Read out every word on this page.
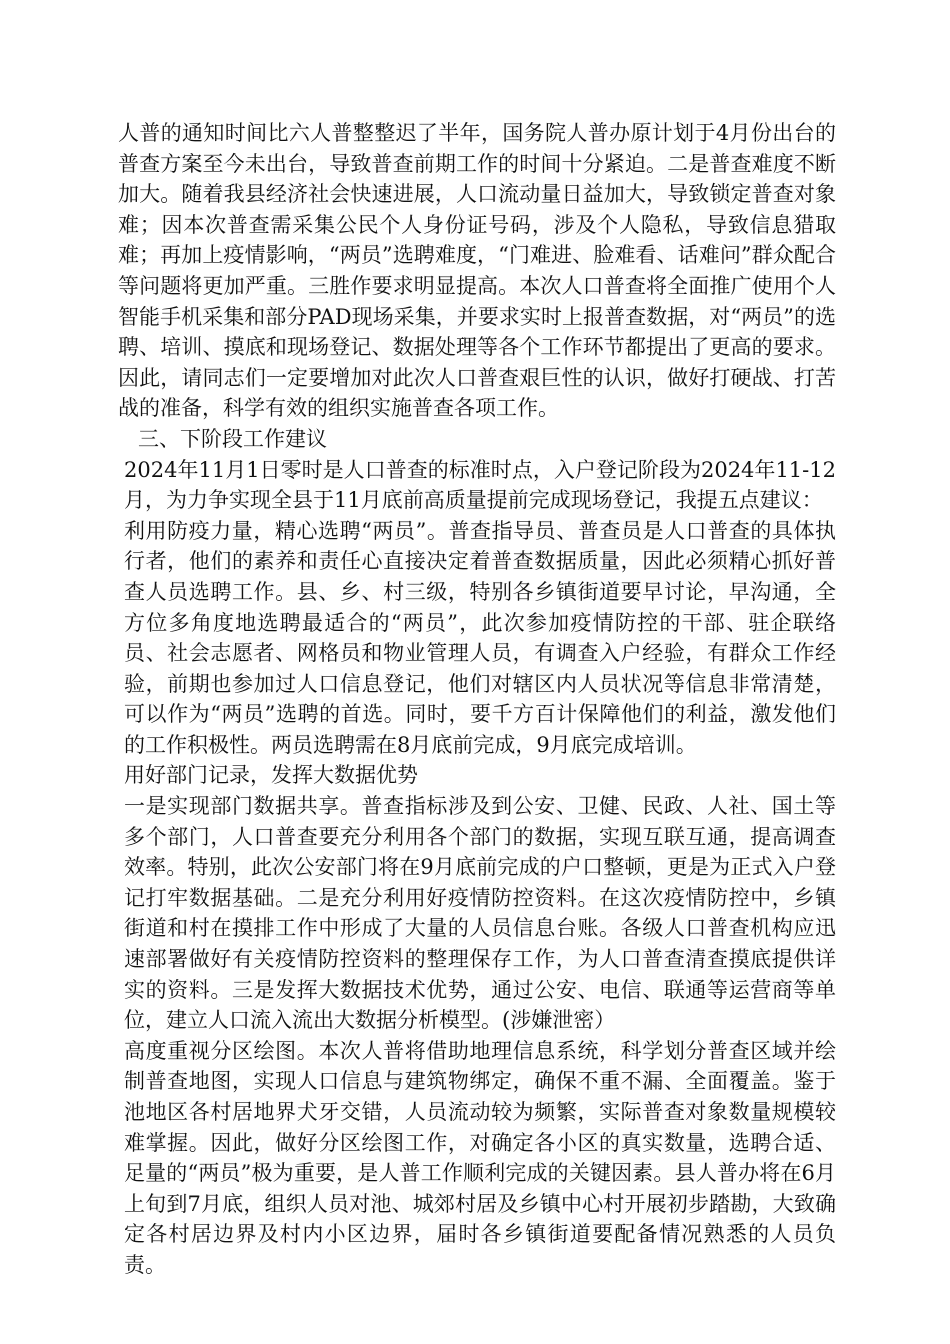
人普的通知时间比六人普整整迟了半年，国务院人普办原计划于4月份出台的普查方案至今未出台，导致普查前期工作的时间十分紧迫。二是普查难度不断加大。随着我县经济社会快速进展，人口流动量日益加大，导致锁定普查对象难；因本次普查需采集公民个人身份证号码，涉及个人隐私，导致信息猎取难；再加上疫情影响，“两员”选聘难度，“门难进、脸难看、话难问”群众配合等问题将更加严重。三胜作要求明显提高。本次人口普查将全面推广使用个人智能手机采集和部分PAD现场采集，并要求实时上报普查数据，对“两员”的选聘、培训、摸底和现场登记、数据处理等各个工作环节都提出了更高的要求。因此，请同志们一定要增加对此次人口普查艰巨性的认识，做好打硬战、打苦战的准备，科学有效的组织实施普查各项工作。

三、下阶段工作建议

2024年11月1日零时是人口普查的标准时点，入户登记阶段为2024年11-12月，为力争实现全县于11月底前高质量提前完成现场登记，我提五点建议：

利用防疫力量，精心选聘“两员”。普查指导员、普查员是人口普查的具体执行者，他们的素养和责任心直接决定着普查数据质量，因此必须精心抓好普查人员选聘工作。县、乡、村三级，特别各乡镇街道要早讨论，早沟通，全方位多角度地选聘最适合的“两员”，此次参加疫情防控的干部、驻企联络员、社会志愿者、网格员和物业管理人员，有调查入户经验，有群众工作经验，前期也参加过人口信息登记，他们对辖区内人员状况等信息非常清楚，可以作为“两员”选聘的首选。同时，要千方百计保障他们的利益，激发他们的工作积极性。两员选聘需在8月底前完成，9月底完成培训。

用好部门记录，发挥大数据优势

一是实现部门数据共享。普查指标涉及到公安、卫健、民政、人社、国土等多个部门，人口普查要充分利用各个部门的数据，实现互联互通，提高调查效率。特别，此次公安部门将在9月底前完成的户口整顿，更是为正式入户登记打牢数据基础。二是充分利用好疫情防控资料。在这次疫情防控中，乡镇街道和村在摸排工作中形成了大量的人员信息台账。各级人口普查机构应迅速部署做好有关疫情防控资料的整理保存工作，为人口普查清查摸底提供详实的资料。三是发挥大数据技术优势，通过公安、电信、联通等运营商等单位，建立人口流入流出大数据分析模型。(涉嫌泄密）

高度重视分区绘图。本次人普将借助地理信息系统，科学划分普查区域并绘制普查地图，实现人口信息与建筑物绑定，确保不重不漏、全面覆盖。鉴于池地区各村居地界犬牙交错，人员流动较为频繁，实际普查对象数量规模较难掌握。因此，做好分区绘图工作，对确定各小区的真实数量，选聘合适、足量的“两员”极为重要，是人普工作顺利完成的关键因素。县人普办将在6月上旬到7月底，组织人员对池、城郊村居及乡镇中心村开展初步踏勘，大致确定各村居边界及村内小区边界，届时各乡镇街道要配备情况熟悉的人员负责。
